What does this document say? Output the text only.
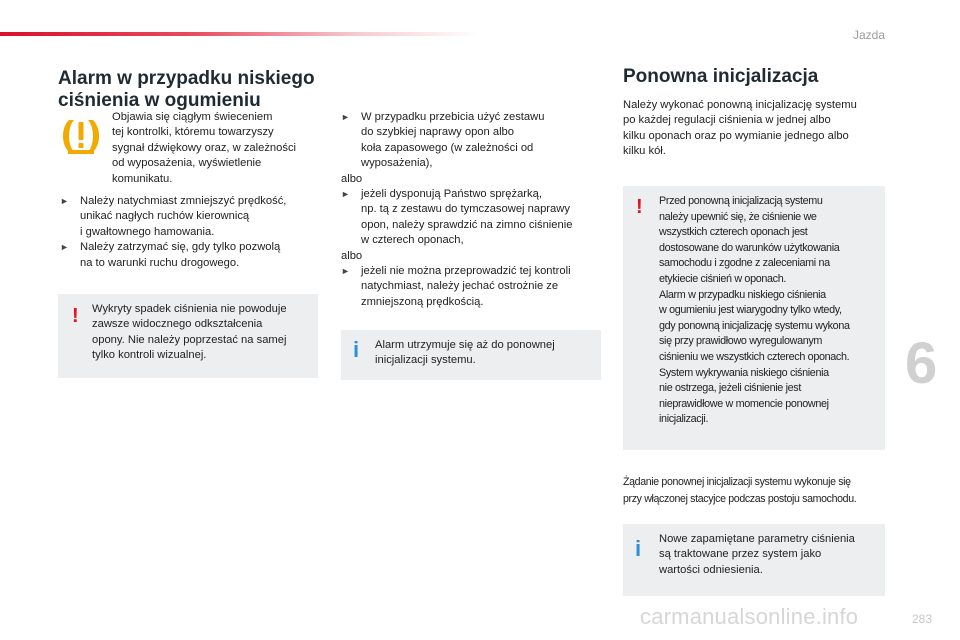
Jazda
Alarm w przypadku niskiego
ciśnienia w ogumieniu
Objawia się ciągłym świeceniem
tej kontrolki, któremu towarzyszy
sygnał dźwiękowy oraz, w zależności
od wyposażenia, wyświetlenie
komunikatu.
► Należy natychmiast zmniejszyć prędkość,
unikać nagłych ruchów kierownicą
i gwałtownego hamowania.
► Należy zatrzymać się, gdy tylko pozwolą
na to warunki ruchu drogowego.
! Wykryty spadek ciśnienia nie powoduje
zawsze widocznego odkształcenia
opony. Nie należy poprzestać na samej
tylko kontroli wizualnej.
► W przypadku przebicia użyć zestawu
do szybkiej naprawy opon albo
koła zapasowego (w zależności od
wyposażenia),
albo
► jeżeli dysponują Państwo sprężarką,
np. tą z zestawu do tymczasowej naprawy
opon, należy sprawdzić na zimno ciśnienie
w czterech oponach,
albo
► jeżeli nie można przeprowadzić tej kontroli
natychmiast, należy jechać ostrożnie ze
zmniejszoną prędkością.
i Alarm utrzymuje się aż do ponownej
inicjalizacji systemu.
Ponowna inicjalizacja
Należy wykonać ponowną inicjalizację systemu
po każdej regulacji ciśnienia w jednej albo
kilku oponach oraz po wymianie jednego albo
kilku kół.
! Przed ponowną inicjalizacją systemu
należy upewnić się, że ciśnienie we
wszystkich czterech oponach jest
dostosowane do warunków użytkowania
samochodu i zgodne z zaleceniami na
etykiecie ciśnień w oponach.
Alarm w przypadku niskiego ciśnienia
w ogumieniu jest wiarygodny tylko wtedy,
gdy ponowną inicjalizację systemu wykona
się przy prawidłowo wyregulowanym
ciśnieniu we wszystkich czterech oponach.
System wykrywania niskiego ciśnienia
nie ostrzega, jeżeli ciśnienie jest
nieprawidłowe w momencie ponownej
inicjalizacji.
Żądanie ponownej inicjalizacji systemu wykonuje się
przy włączonej stacyjce podczas postoju samochodu.
i Nowe zapamiętane parametry ciśnienia
są traktowane przez system jako
wartości odniesienia.
6
carmanualsonline.info	283
